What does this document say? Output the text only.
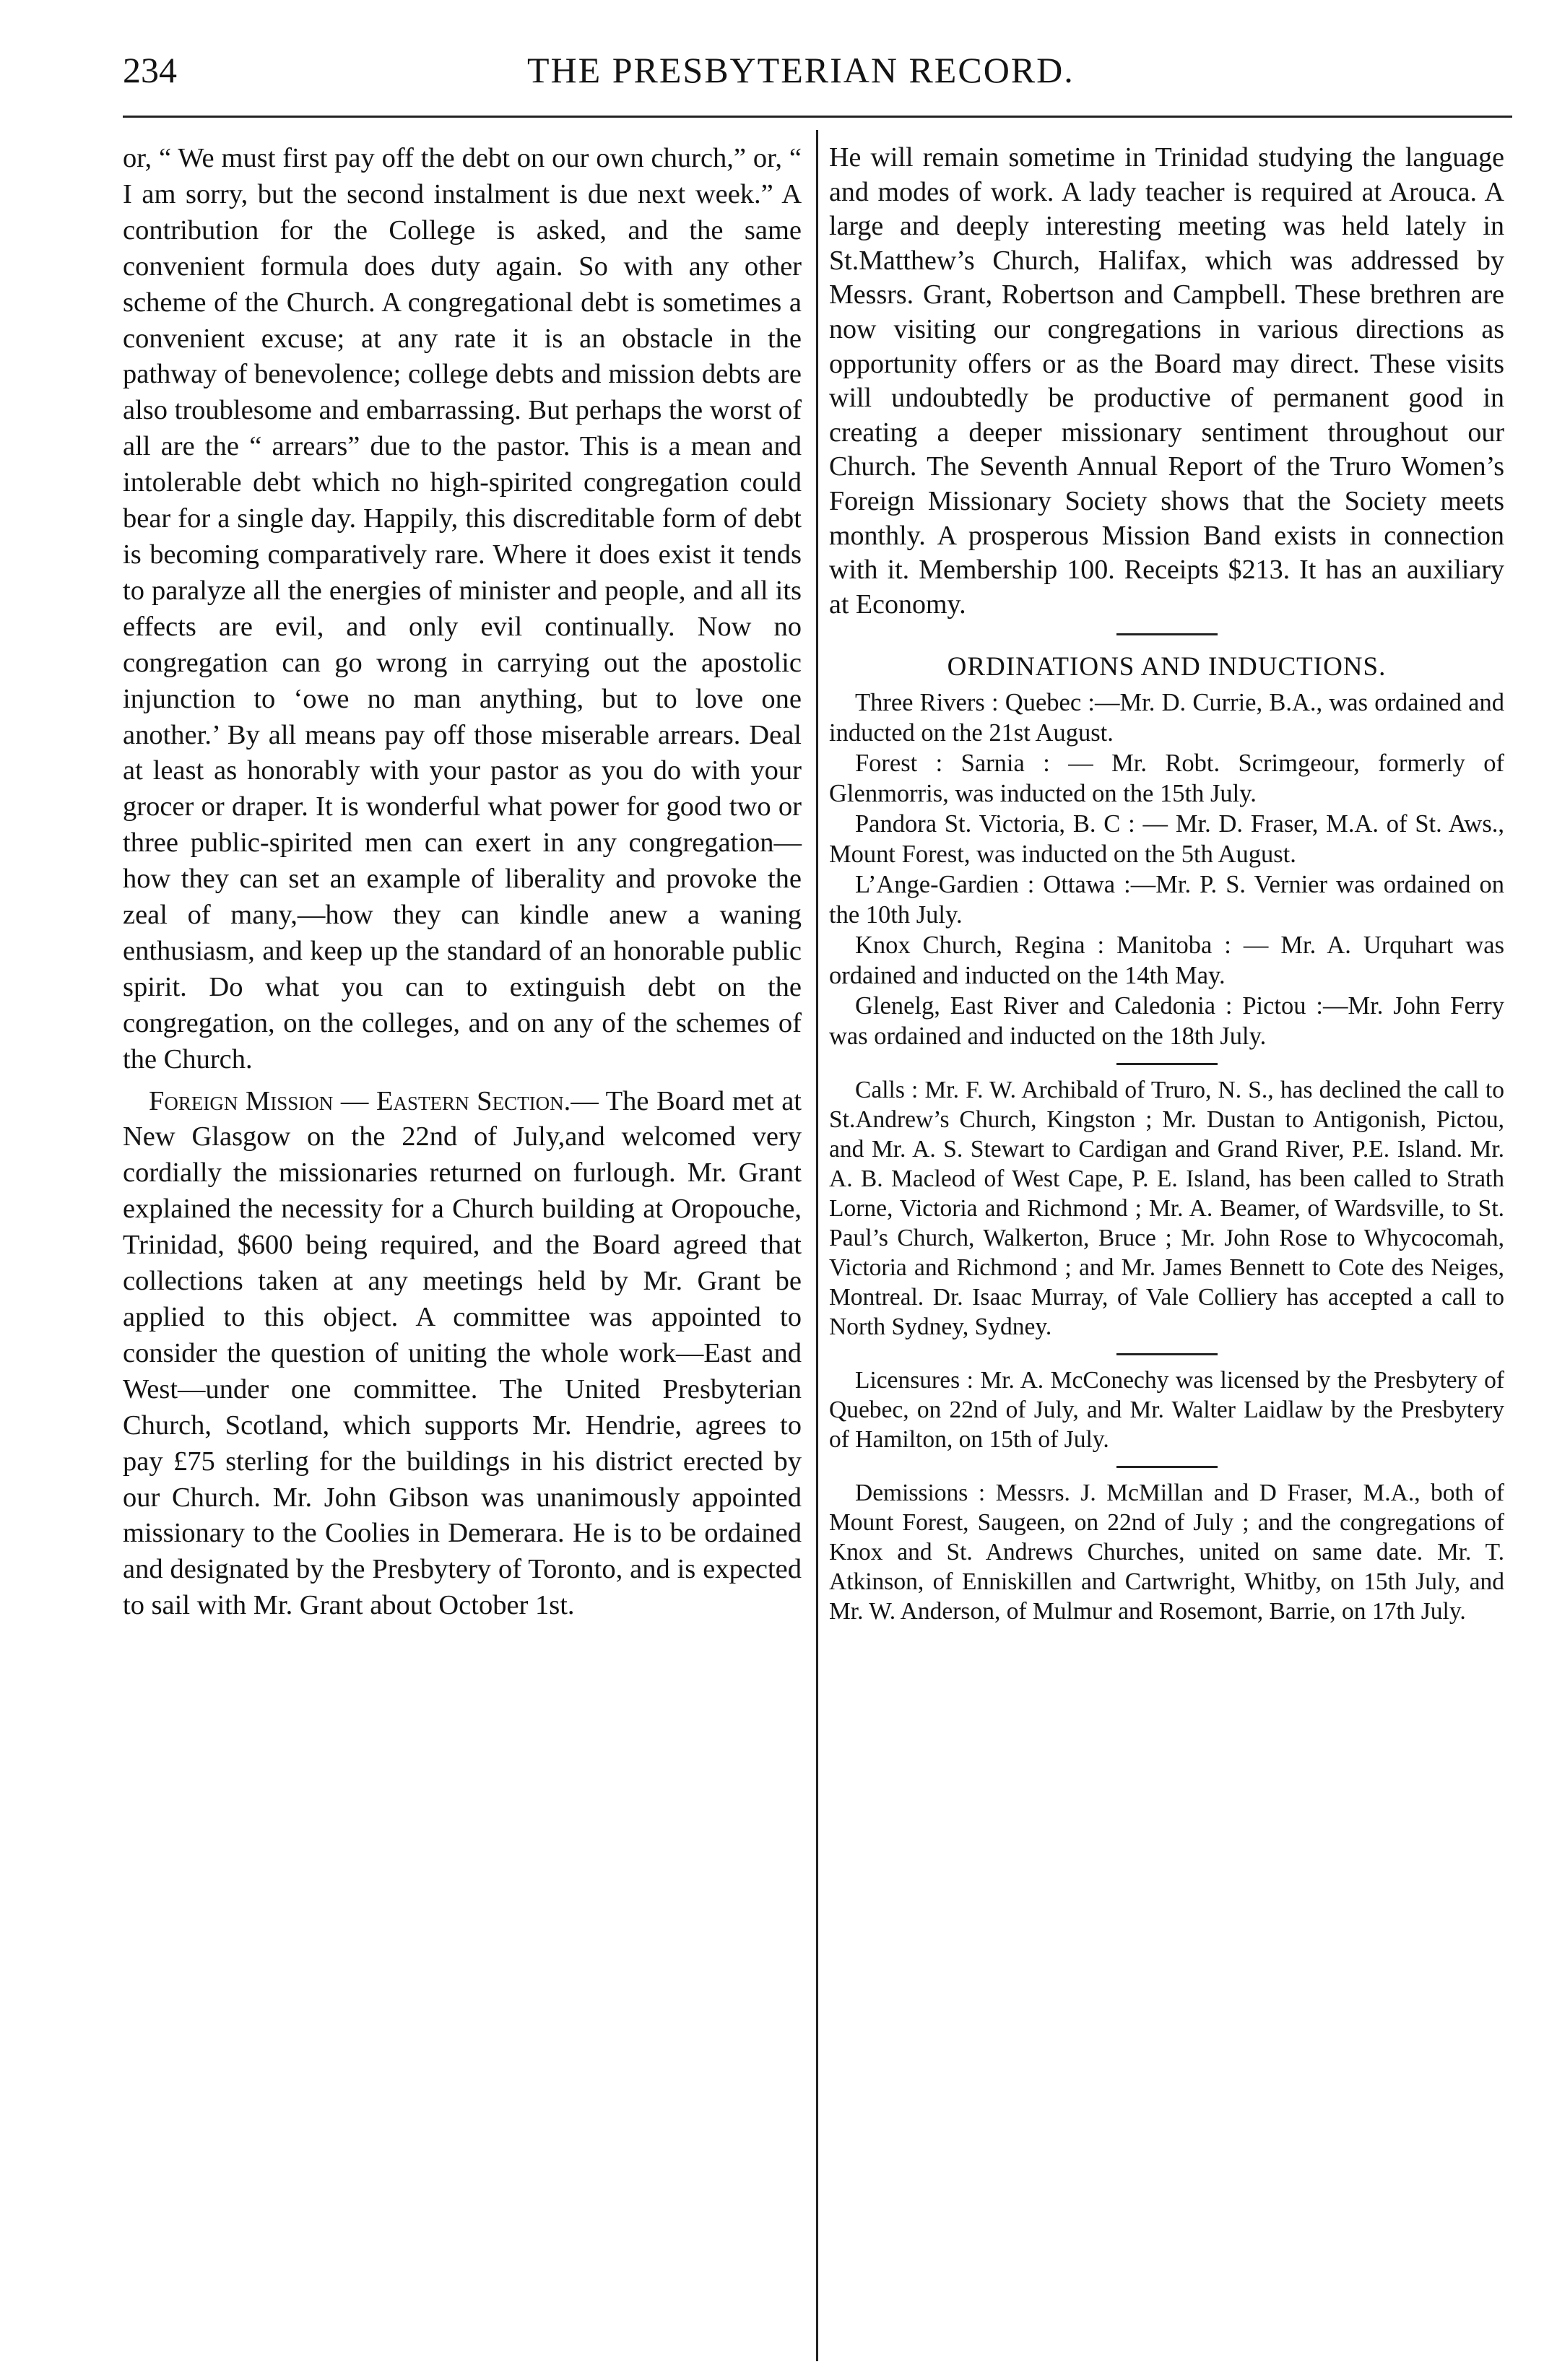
234	THE PRESBYTERIAN RECORD.

or, “ We must first pay off the debt on our own church,” or, “ I am sorry, but the second instalment is due next week.” A contribution for the College is asked, and the same convenient formula does duty again. So with any other scheme of the Church. A congregational debt is sometimes a convenient excuse; at any rate it is an obstacle in the pathway of benevolence; college debts and mission debts are also troublesome and embarrassing. But perhaps the worst of all are the “ arrears” due to the pastor. This is a mean and intolerable debt which no high-spirited congregation could bear for a single day. Happily, this discreditable form of debt is becoming comparatively rare. Where it does exist it tends to paralyze all the energies of minister and people, and all its effects are evil, and only evil continually. Now no congregation can go wrong in carrying out the apostolic injunction to ‘owe no man anything, but to love one another.’ By all means pay off those miserable arrears. Deal at least as honorably with your pastor as you do with your grocer or draper. It is wonderful what power for good two or three public-spirited men can exert in any congregation—how they can set an example of liberality and provoke the zeal of many,—how they can kindle anew a waning enthusiasm, and keep up the standard of an honorable public spirit. Do what you can to extinguish debt on the congregation, on the colleges, and on any of the schemes of the Church.

Foreign Mission — Eastern Section.— The Board met at New Glasgow on the 22nd of July,and welcomed very cordially the missionaries returned on furlough. Mr. Grant explained the necessity for a Church building at Oropouche, Trinidad, $600 being required, and the Board agreed that collections taken at any meetings held by Mr. Grant be applied to this object. A committee was appointed to consider the question of uniting the whole work—East and West—under one committee. The United Presbyterian Church, Scotland, which supports Mr. Hendrie, agrees to pay £75 sterling for the buildings in his district erected by our Church. Mr. John Gibson was unanimously appointed missionary to the Coolies in Demerara. He is to be ordained and designated by the Presbytery of Toronto, and is expected to sail with Mr. Grant about October 1st.

He will remain sometime in Trinidad studying the language and modes of work. A lady teacher is required at Arouca. A large and deeply interesting meeting was held lately in St.Matthew’s Church, Halifax, which was addressed by Messrs. Grant, Robertson and Campbell. These brethren are now visiting our congregations in various directions as opportunity offers or as the Board may direct. These visits will undoubtedly be productive of permanent good in creating a deeper missionary sentiment throughout our Church. The Seventh Annual Report of the Truro Women’s Foreign Missionary Society shows that the Society meets monthly. A prosperous Mission Band exists in connection with it. Membership 100. Receipts $213. It has an auxiliary at Economy.

ORDINATIONS AND INDUCTIONS.

Three Rivers : Quebec :—Mr. D. Currie, B.A., was ordained and inducted on the 21st August.

Forest : Sarnia : — Mr. Robt. Scrimgeour, formerly of Glenmorris, was inducted on the 15th July.

Pandora St. Victoria, B. C : — Mr. D. Fraser, M.A. of St. Aws., Mount Forest, was inducted on the 5th August.

L’Ange-Gardien : Ottawa :—Mr. P. S. Vernier was ordained on the 10th July.

Knox Church, Regina : Manitoba : — Mr. A. Urquhart was ordained and inducted on the 14th May.

Glenelg, East River and Caledonia : Pictou :—Mr. John Ferry was ordained and inducted on the 18th July.

Calls : Mr. F. W. Archibald of Truro, N. S., has declined the call to St.Andrew’s Church, Kingston ; Mr. Dustan to Antigonish, Pictou, and Mr. A. S. Stewart to Cardigan and Grand River, P.E. Island. Mr. A. B. Macleod of West Cape, P. E. Island, has been called to Strath Lorne, Victoria and Richmond ; Mr. A. Beamer, of Wardsville, to St. Paul’s Church, Walkerton, Bruce ; Mr. John Rose to Whycocomah, Victoria and Richmond ; and Mr. James Bennett to Cote des Neiges, Montreal. Dr. Isaac Murray, of Vale Colliery has accepted a call to North Sydney, Sydney.

Licensures : Mr. A. McConechy was licensed by the Presbytery of Quebec, on 22nd of July, and Mr. Walter Laidlaw by the Presbytery of Hamilton, on 15th of July.

Demissions : Messrs. J. McMillan and D Fraser, M.A., both of Mount Forest, Saugeen, on 22nd of July ; and the congregations of Knox and St. Andrews Churches, united on same date. Mr. T. Atkinson, of Enniskillen and Cartwright, Whitby, on 15th July, and Mr. W. Anderson, of Mulmur and Rosemont, Barrie, on 17th July.
